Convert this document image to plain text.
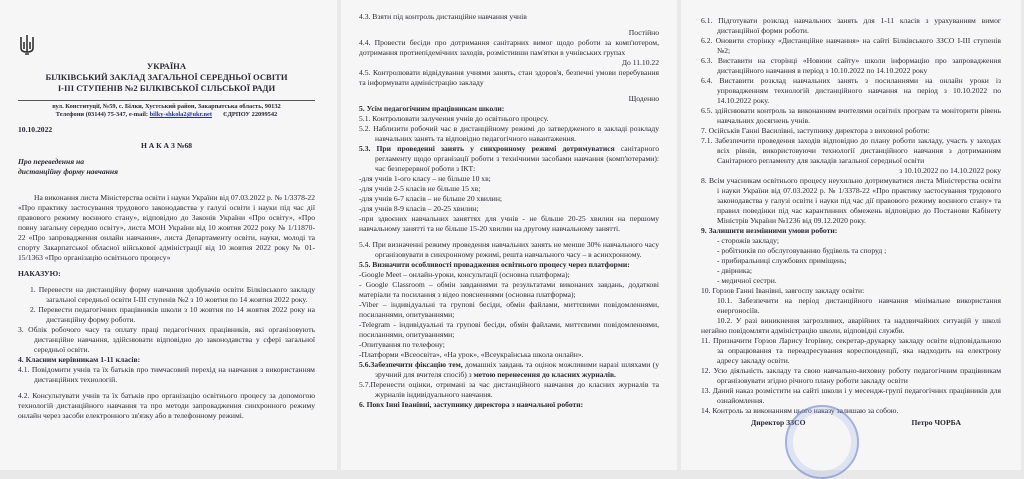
УКРАЇНА

БІЛКІВСЬКИЙ ЗАКЛАД ЗАГАЛЬНОЇ СЕРЕДНЬОЇ ОСВІТИ

І-ІІІ СТУПЕНІВ №2 БІЛКІВСЬКОЇ СІЛЬСЬКОЇ РАДИ

вул. Конституції, №59, с. Білки, Хустський район, Закарпатська область, 90132
Телефони (03144) 75-347, e-mail: bilky-shkola2@ukr.net ЄДРПОУ 22099542

10.10.2022

Н А К А З №68

Про переведення на

дистанційну форму навчання

На виконання листа Міністерства освіти і науки України від 07.03.2022 р. № 1/3378-22 «Про практику застосування трудового законодавства у галузі освіти і науки під час дії правового режиму воєнного стану», відповідно до Законів України «Про освіту», «Про повну загальну середню освіту», листа МОН України від 10 жовтня 2022 року № 1/11870-22 «Про запровадження онлайн навчання», листа Департаменту освіти, науки, молоді та спорту Закарпатської обласної військової адміністрації від 10 жовтня 2022 року № 01-15/1363 «Про організацію освітнього процесу»

НАКАЗУЮ:

1. Перевести на дистанційну форму навчання здобувачів освіти Білківського закладу загальної середньої освіти І-ІІІ ступенів №2 з 10 жовтня по 14 жовтня 2022 року.

2. Перевести педагогічних працівників школи з 10 жовтня по 14 жовтня 2022 року на дистанційну форму роботи.

3. Облік робочого часу та оплату праці педагогічних працівників, які організовують дистанційне навчання, здійснювати відповідно до законодавства у сфері загальної середньої освіти.

4. Класним керівникам 1-11 класів:

4.1. Повідомити учнів та їх батьків про тимчасовий перехід на навчання з використанням дистанційних технологій.

4.2. Консультувати учнів та їх батьків про організацію освітнього процесу за допомогою технологій дистанційного навчання та про методи запровадження синхронного режиму онлайн через засоби електронного зв'язку або в телефонному режимі.

4.3. Взяти під контроль дистанційне навчання учнів

Постійно

4.4. Провести бесіди про дотримання санітарних вимог щодо роботи за комп'ютером, дотримання протиепідемічних заходів, розмістивши пам'ятки в учнівських групах

До 11.10.22

4.5. Контролювати відвідування учнями занять, стан здоров'я, безпечні умови перебування та інформувати адміністрацію закладу

Щоденно

5. Усім педагогічним працівникам школи:

5.1. Контролювати залучення учнів до освітнього процесу.

5.2. Наблизити робочий час в дистанційному режимі до затвердженого в закладі розкладу навчальних занять та відповідно педагогічного навантаження.

5.3. При проведенні занять у синхронному режимі дотримуватися санітарного регламенту щодо організації роботи з технічними засобами навчання (комп'ютерами): час безперервної роботи з ІКТ:

-для учнів 1-ого класу – не більше 10 хв;

-для учнів 2-5 класів не більше 15 хв;

-для учнів 6-7 класів – не більше 20 хвилин;

-для учнів 8-9 класів – 20-25 хвилин;

-при здвоєних навчальних заняттях для учнів - не більше 20-25 хвилин на першому навчальному занятті та не більше 15-20 хвилин на другому навчальному занятті.

5.4. При визначенні режиму проведення навчальних занять не менше 30% навчального часу організовувати в синхронному режимі, решта навчального часу – в асинхронному.

5.5. Визначити особливості провадження освітнього процесу через платформи:

-Google Meet – онлайн-уроки, консультації (основна платформа);

- Google Classroom – обмін завданнями та результатами виконаних завдань, додаткові матеріали та посилання з відео поясненнями (основна платформа);

-Viber – індивідуальні та групові бесіди, обмін файлами, миттєвими повідомленнями, посиланнями, опитуваннями;

-Telegram - індивідуальні та групові бесіди, обмін файлами, миттєвими повідомленнями, посиланнями, опитуваннями;

-Опитування по телефону;

-Платформи «Всеосвіта», «На урок», «Всеукраїнська школа онлайн».

5.6.Забезпечити фіксацію тем, домашніх завдань та оцінок можливими наразі шляхами (у зручний для вчителя спосіб) з метою перенесення до класних журналів.

5.7.Перенести оцінки, отримані за час дистанційного навчання до класних журналів та журналів індивідуального навчання.

6. Повх Інні Іванівні, заступнику директора з навчальної роботи:

6.1. Підготувати розклад навчальних занять для 1-11 класів з урахуванням вимог дистанційної форми роботи.

6.2. Оновити сторінку «Дистанційне навчання» на сайті Білківського ЗЗСО І-ІІІ ступенів №2;

6.3. Виставити на сторінці «Новини сайту» школи інформацію про запровадження дистанційного навчання в період з 10.10.2022 по 14.10.2022 року

6.4. Виставити розклад навчальних занять з посиланнями на онлайн уроки із упровадженням технологій дистанційного навчання на період з 10.10.2022 по 14.10.2022 року.

6.5. здійснювати контроль за виконанням вчителями освітніх програм та моніторити рівень навчальних досягнень учнів.

7. Осійськів Ганні Василівні, заступнику директора з виховної роботи:

7.1. Забезпечити проведення заходів відповідно до плану роботи закладу, участь у заходах всіх рівнів, використовуючи технології дистанційного навчання з дотриманням Санітарного регламенту для закладів загальної середньої освіти

з 10.10.2022 по 14.10.2022 року

8. Всім учасникам освітнього процесу неухильно дотримуватися листа Міністерства освіти і науки України від 07.03.2022 р. № 1/3378-22 «Про практику застосування трудового законодавства у галузі освіти і науки під час дії правового режиму воєнного стану» та правил поведінки під час карантинних обмежень відповідно до Постанови Кабінету Міністрів України №1236 від 09.12.2020 року.

9. Залишити незмінними умови роботи:

- сторожів закладу;

- робітників по обслуговуванню будівель та споруд ;

- прибиральниці службових приміщень;

- двірника;

- медичної сестри.

10. Горзов Ганні Іванівні, завгоспу закладу освіти:

10.1. Забезпечити на період дистанційного навчання мінімальне використання енергоносіїв.

10.2. У разі виникнення загрозливих, аварійних та надзвичайних ситуацій у школі негайно повідомляти адміністрацію школи, відповідні служби.

11. Призначити Горзов Ларису Ігорівну, секретар-друкарку закладу освіти відповідальною за опрацювання та переадресування кореспонденції, яка надходить на електрону адресу закладу освіти.

12. Усю діяльність закладу та свою навчально-виховну роботу педагогічним працівникам організовувати згідно річного плану роботи закладу освіти

13. Даний наказ розмістити на сайті школи і у месендж-групі педагогічних працівників для ознайомлення.

14. Контроль за виконанням цього наказу залишаю за собою.

Директор ЗЗСО	Петро ЧОРБА
